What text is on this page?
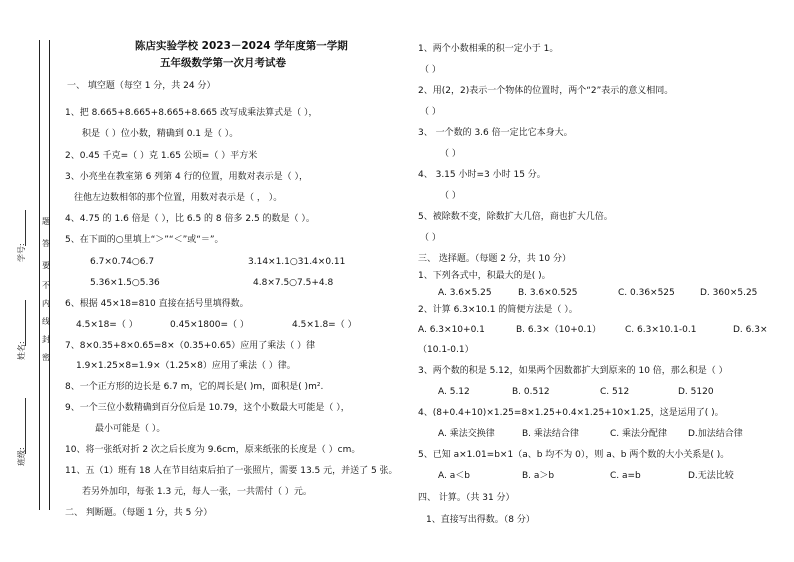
学号:
姓名:
班级:
密
封
线
内
不
要
答
题
陈店实验学校 2023－2024 学年度第一学期
五年级数学第一次月考试卷
一、 填空题（每空 1 分，共 24 分）
1、把 8.665+8.665+8.665+8.665 改写成乘法算式是（ ），
积是（ ）位小数，精确到 0.1 是（ ）。
2、0.45 千克=（ ）克 1.65 公顷=（ ）平方米
3、小亮坐在教室第 6 列第 4 行的位置，用数对表示是（ ），
往他左边数相邻的那个位置，用数对表示是（ ， ）。
4、4.75 的 1.6 倍是（ ），比 6.5 的 8 倍多 2.5 的数是（ ）。
5、在下面的○里填上“＞”“＜”或“＝”。
6.7×0.74○6.7	3.14×1.1○31.4×0.11
5.36×1.5○5.36	4.8×7.5○7.5+4.8
6、根据 45×18=810 直接在括号里填得数。
4.5×18=（ ）	0.45×1800=（ ）	4.5×1.8=（ ）
7、8×0.35+8×0.65=8×（0.35+0.65）应用了乘法（ ）律
1.9×1.25×8=1.9×（1.25×8）应用了乘法（ ）律。
8、一个正方形的边长是 6.7 m，它的周长是( )m，面积是( )m².
9、一个三位小数精确到百分位后是 10.79，这个小数最大可能是（ ），
最小可能是（ ）。
10、将一张纸对折 2 次之后长度为 9.6cm，原来纸张的长度是（ ）cm。
11、五（1）班有 18 人在节目结束后拍了一张照片，需要 13.5 元，并送了 5 张。
若另外加印，每张 1.3 元，每人一张，一共需付（ ）元。
二、 判断题。（每题 1 分，共 5 分）
1、两个小数相乘的积一定小于 1。
（ ）
2、用(2，2)表示一个物体的位置时，两个“2”表示的意义相同。
（ ）
3、 一个数的 3.6 倍一定比它本身大。
（ ）
4、 3.15 小时=3 小时 15 分。
（ ）
5、被除数不变，除数扩大几倍，商也扩大几倍。
（ ）
三、 选择题。（每题 2 分，共 10 分）
1、下列各式中，积最大的是( )。
A. 3.6×5.25	B. 3.6×0.525	C. 0.36×525	D. 360×5.25
2、计算 6.3×10.1 的简便方法是（ ）。
A. 6.3×10+0.1	B. 6.3×（10+0.1）	C. 6.3×10.1-0.1	D. 6.3×
（10.1-0.1）
3、两个数的积是 5.12，如果两个因数都扩大到原来的 10 倍，那么积是（ ）
A. 5.12	B. 0.512	C. 512	D. 5120
4、(8+0.4+10)×1.25=8×1.25+0.4×1.25+10×1.25，这是运用了( )。
A. 乘法交换律	B. 乘法结合律	C. 乘法分配律 D.加法结合律
5、已知 a×1.01=b×1（a、b 均不为 0），则 a、b 两个数的大小关系是( )。
A. a＜b	B. a＞b	C. a=b	D.无法比较
四、 计算。（共 31 分）
1、直接写出得数。（8 分）
